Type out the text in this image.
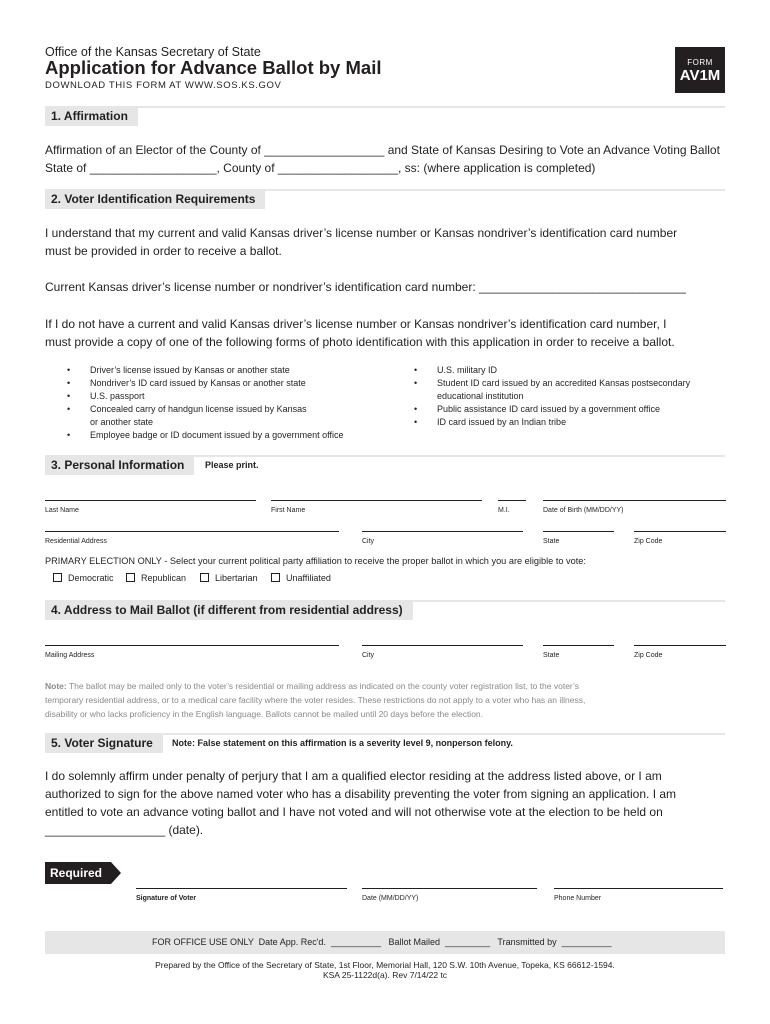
Office of the Kansas Secretary of State
Application for Advance Ballot by Mail
DOWNLOAD THIS FORM AT WWW.SOS.KS.GOV
FORM
AV1M
1. Affirmation
Affirmation of an Elector of the County of __________________ and State of Kansas Desiring to Vote an Advance Voting Ballot
State of ___________________, County of __________________, ss: (where application is completed)
2. Voter Identification Requirements
I understand that my current and valid Kansas driver’s license number or Kansas nondriver’s identification card number
must be provided in order to receive a ballot.
Current Kansas driver’s license number or nondriver’s identification card number: _______________________________
If I do not have a current and valid Kansas driver’s license number or Kansas nondriver’s identification card number, I
must provide a copy of one of the following forms of photo identification with this application in order to receive a ballot.
• Driver’s license issued by Kansas or another state
• Nondriver’s ID card issued by Kansas or another state
• U.S. passport
• Concealed carry of handgun license issued by Kansas
or another state
• Employee badge or ID document issued by a government office
• U.S. military ID
• Student ID card issued by an accredited Kansas postsecondary
educational institution
• Public assistance ID card issued by a government office
• ID card issued by an Indian tribe
3. Personal Information	Please print.
Last Name	First Name	M.I.	Date of Birth (MM/DD/YY)
Residential Address	City	State	Zip Code
PRIMARY ELECTION ONLY - Select your current political party affiliation to receive the proper ballot in which you are eligible to vote:
Democratic	Republican	Libertarian	Unaffiliated
4. Address to Mail Ballot (if different from residential address)
Mailing Address	City	State	Zip Code
Note: The ballot may be mailed only to the voter’s residential or mailing address as indicated on the county voter registration list, to the voter’s
temporary residential address, or to a medical care facility where the voter resides. These restrictions do not apply to a voter who has an illness,
disability or who lacks proficiency in the English language. Ballots cannot be mailed until 20 days before the election.
5. Voter Signature	Note: False statement on this affirmation is a severity level 9, nonperson felony.
I do solemnly affirm under penalty of perjury that I am a qualified elector residing at the address listed above, or I am
authorized to sign for the above named voter who has a disability preventing the voter from signing an application. I am
entitled to vote an advance voting ballot and I have not voted and will not otherwise vote at the election to be held on
__________________ (date).
Required
Signature of Voter	Date (MM/DD/YY)	Phone Number
FOR OFFICE USE ONLY  Date App. Rec'd.  __________   Ballot Mailed  _________   Transmitted by  __________
Prepared by the Office of the Secretary of State, 1st Floor, Memorial Hall, 120 S.W. 10th Avenue, Topeka, KS 66612-1594.
KSA 25-1122d(a). Rev 7/14/22 tc
